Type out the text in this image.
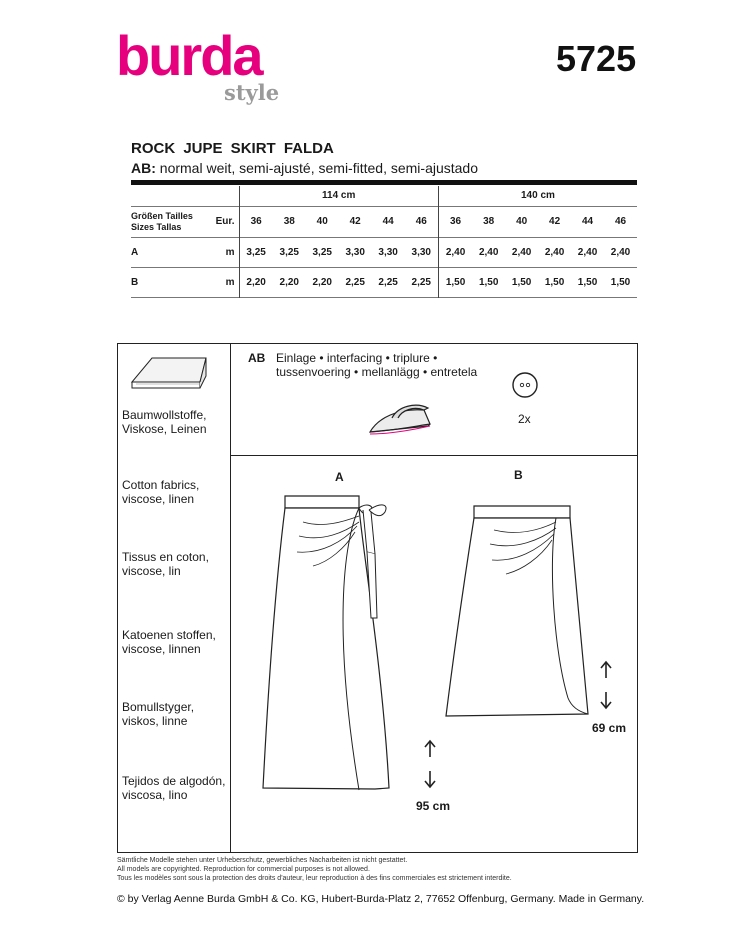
burda
style
5725
ROCK JUPE SKIRT FALDA
AB: normal weit, semi-ajusté, semi-fitted, semi-ajustado
		114 cm						140 cm					
Größen Tailles
Sizes Tallas	Eur.	36	38	40	42	44	46	36	38	40	42	44	46
A	m	3,25	3,25	3,25	3,30	3,30	3,30	2,40	2,40	2,40	2,40	2,40	2,40
B	m	2,20	2,20	2,20	2,25	2,25	2,25	1,50	1,50	1,50	1,50	1,50	1,50
Baumwollstoffe, Viskose, Leinen
Cotton fabrics, viscose, linen
Tissus en coton, viscose, lin
Katoenen stoffen, viscose, linnen
Bomullstyger, viskos, linne
Tejidos de algodón, viscosa, lino
AB Einlage • interfacing • triplure • tussenvoering • mellanlägg • entretela
2x
A	B
95 cm
69 cm
Sämtliche Modelle stehen unter Urheberschutz, gewerbliches Nacharbeiten ist nicht gestattet.
All models are copyrighted. Reproduction for commercial purposes is not allowed.
Tous les modèles sont sous la protection des droits d'auteur, leur reproduction à des fins commerciales est strictement interdite.
© by Verlag Aenne Burda GmbH & Co. KG, Hubert-Burda-Platz 2, 77652 Offenburg, Germany. Made in Germany.
